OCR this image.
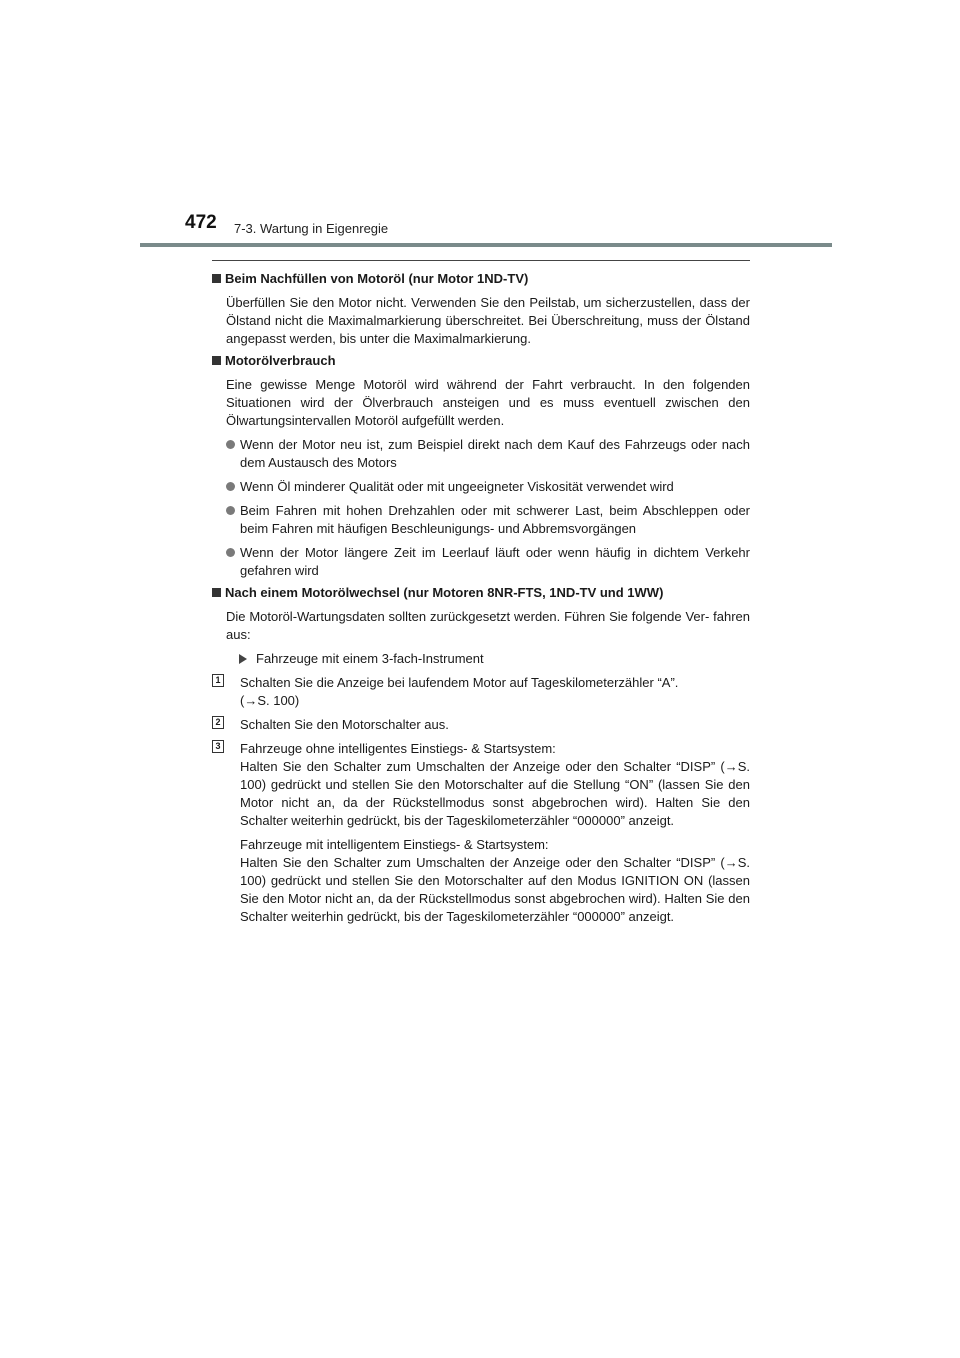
472 7-3. Wartung in Eigenregie
Beim Nachfüllen von Motoröl (nur Motor 1ND-TV)
Überfüllen Sie den Motor nicht. Verwenden Sie den Peilstab, um sicherzustellen, dass der Ölstand nicht die Maximalmarkierung überschreitet. Bei Überschreitung, muss der Ölstand angepasst werden, bis unter die Maximalmarkierung.
Motorölverbrauch
Eine gewisse Menge Motoröl wird während der Fahrt verbraucht. In den folgenden Situationen wird der Ölverbrauch ansteigen und es muss eventuell zwischen den Ölwartungsintervallen Motoröl aufgefüllt werden.
Wenn der Motor neu ist, zum Beispiel direkt nach dem Kauf des Fahrzeugs oder nach dem Austausch des Motors
Wenn Öl minderer Qualität oder mit ungeeigneter Viskosität verwendet wird
Beim Fahren mit hohen Drehzahlen oder mit schwerer Last, beim Abschleppen oder beim Fahren mit häufigen Beschleunigungs- und Abbremsvorgängen
Wenn der Motor längere Zeit im Leerlauf läuft oder wenn häufig in dichtem Verkehr gefahren wird
Nach einem Motorölwechsel (nur Motoren 8NR-FTS, 1ND-TV und 1WW)
Die Motoröl-Wartungsdaten sollten zurückgesetzt werden. Führen Sie folgende Ver- fahren aus:
Fahrzeuge mit einem 3-fach-Instrument
1 Schalten Sie die Anzeige bei laufendem Motor auf Tageskilometerzähler “A”.
(→S. 100)
2 Schalten Sie den Motorschalter aus.
3 Fahrzeuge ohne intelligentes Einstiegs- & Startsystem:
Halten Sie den Schalter zum Umschalten der Anzeige oder den Schalter “DISP” (→S. 100) gedrückt und stellen Sie den Motorschalter auf die Stellung “ON” (lassen Sie den Motor nicht an, da der Rückstellmodus sonst abgebrochen wird). Halten Sie den Schalter weiterhin gedrückt, bis der Tageskilometerzähler “000000” anzeigt.
Fahrzeuge mit intelligentem Einstiegs- & Startsystem:
Halten Sie den Schalter zum Umschalten der Anzeige oder den Schalter “DISP” (→S. 100) gedrückt und stellen Sie den Motorschalter auf den Modus IGNITION ON (lassen Sie den Motor nicht an, da der Rückstellmodus sonst abgebrochen wird). Halten Sie den Schalter weiterhin gedrückt, bis der Tageskilometerzähler “000000” anzeigt.
